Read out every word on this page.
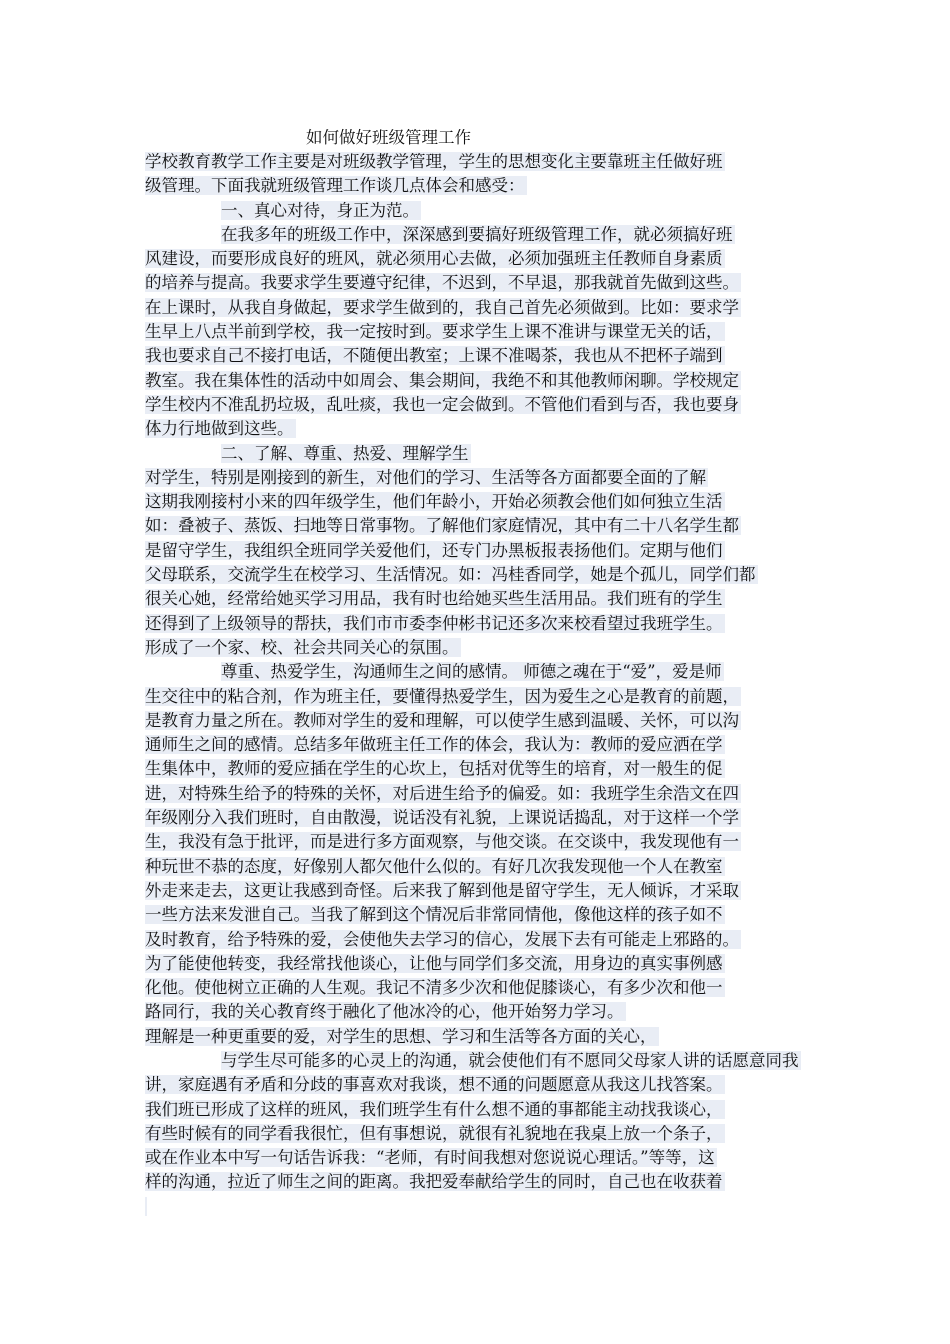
如何做好班级管理工作

学校教育教学工作主要是对班级教学管理，学生的思想变化主要靠班主任做好班

级管理。下面我就班级管理工作谈几点体会和感受：

一、真心对待，身正为范。

在我多年的班级工作中，深深感到要搞好班级管理工作，就必须搞好班

风建设，而要形成良好的班风，就必须用心去做，必须加强班主任教师自身素质

的培养与提高。我要求学生要遵守纪律，不迟到，不早退，那我就首先做到这些。

在上课时，从我自身做起，要求学生做到的，我自己首先必须做到。比如：要求学

生早上八点半前到学校，我一定按时到。要求学生上课不准讲与课堂无关的话，

我也要求自己不接打电话，不随便出教室；上课不准喝茶，我也从不把杯子端到

教室。我在集体性的活动中如周会、集会期间，我绝不和其他教师闲聊。学校规定

学生校内不准乱扔垃圾，乱吐痰，我也一定会做到。不管他们看到与否，我也要身

体力行地做到这些。

二、了解、尊重、热爱、理解学生

对学生，特别是刚接到的新生，对他们的学习、生活等各方面都要全面的了解

这期我刚接村小来的四年级学生，他们年龄小，开始必须教会他们如何独立生活

如：叠被子、蒸饭、扫地等日常事物。了解他们家庭情况，其中有二十八名学生都

是留守学生，我组织全班同学关爱他们，还专门办黑板报表扬他们。定期与他们

父母联系，交流学生在校学习、生活情况。如：冯桂香同学，她是个孤儿，同学们都

很关心她，经常给她买学习用品，我有时也给她买些生活用品。我们班有的学生

还得到了上级领导的帮扶，我们市市委李仲彬书记还多次来校看望过我班学生。

形成了一个家、校、社会共同关心的氛围。

尊重、热爱学生，沟通师生之间的感情。 师德之魂在于“爱”，爱是师

生交往中的粘合剂，作为班主任，要懂得热爱学生，因为爱生之心是教育的前题，

是教育力量之所在。教师对学生的爱和理解，可以使学生感到温暖、关怀，可以沟

通师生之间的感情。总结多年做班主任工作的体会，我认为：教师的爱应洒在学

生集体中，教师的爱应插在学生的心坎上，包括对优等生的培育，对一般生的促

进，对特殊生给予的特殊的关怀，对后进生给予的偏爱。如：我班学生余浩文在四

年级刚分入我们班时，自由散漫，说话没有礼貌，上课说话捣乱，对于这样一个学

生，我没有急于批评，而是进行多方面观察，与他交谈。在交谈中，我发现他有一

种玩世不恭的态度，好像别人都欠他什么似的。有好几次我发现他一个人在教室

外走来走去，这更让我感到奇怪。后来我了解到他是留守学生，无人倾诉，才采取

一些方法来发泄自己。当我了解到这个情况后非常同情他，像他这样的孩子如不

及时教育，给予特殊的爱，会使他失去学习的信心，发展下去有可能走上邪路的。

为了能使他转变，我经常找他谈心，让他与同学们多交流，用身边的真实事例感

化他。使他树立正确的人生观。我记不清多少次和他促膝谈心，有多少次和他一

路同行，我的关心教育终于融化了他冰冷的心，他开始努力学习。

理解是一种更重要的爱，对学生的思想、学习和生活等各方面的关心，

与学生尽可能多的心灵上的沟通，就会使他们有不愿同父母家人讲的话愿意同我

讲，家庭遇有矛盾和分歧的事喜欢对我谈，想不通的问题愿意从我这儿找答案。

我们班已形成了这样的班风，我们班学生有什么想不通的事都能主动找我谈心，

有些时候有的同学看我很忙，但有事想说，就很有礼貌地在我桌上放一个条子，

或在作业本中写一句话告诉我：“老师，有时间我想对您说说心理话。”等等，这

样的沟通，拉近了师生之间的距离。我把爱奉献给学生的同时，自己也在收获着
